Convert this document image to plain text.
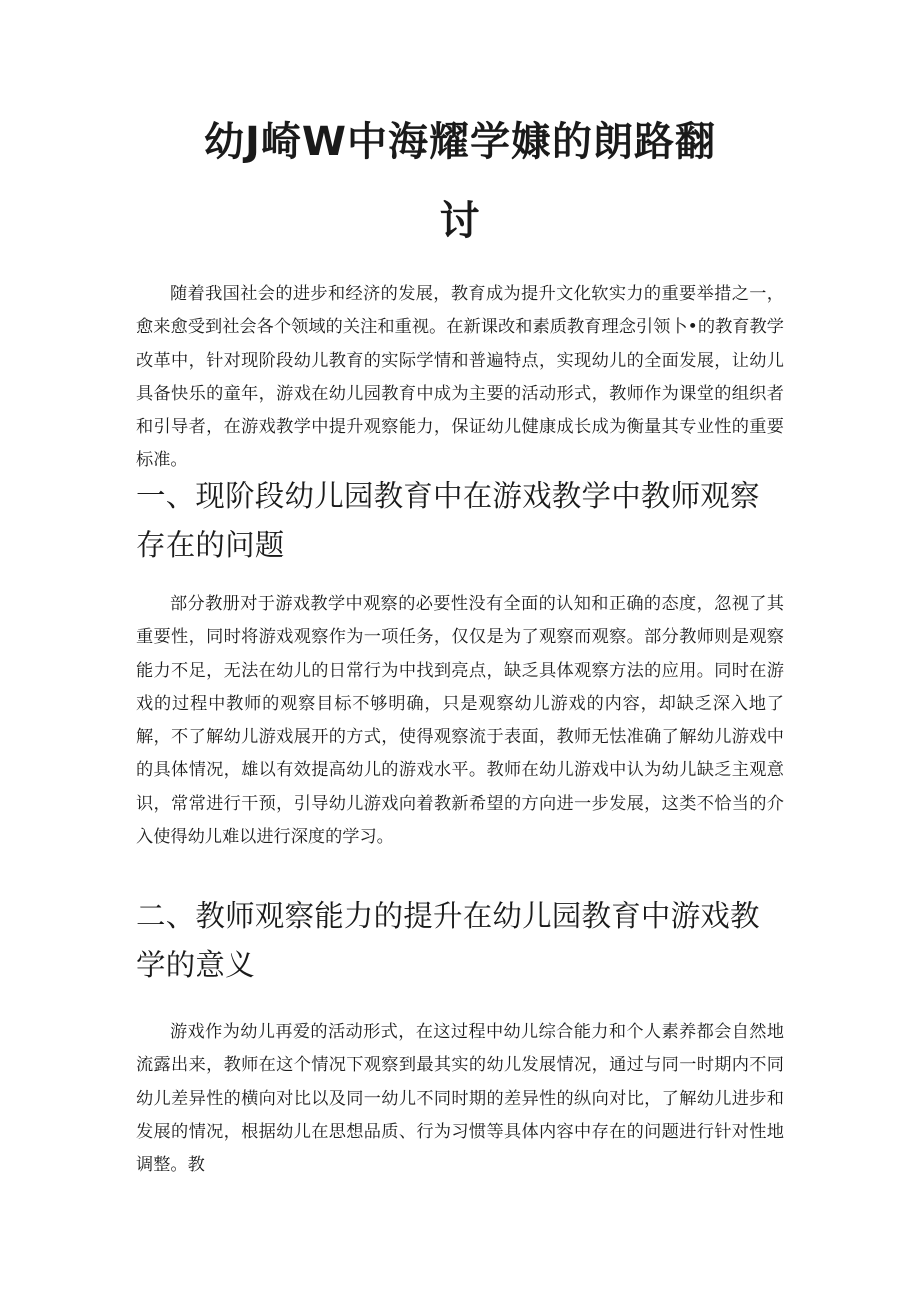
幼J崎W中海耀学嫝的朗路翻
讨

随着我国社会的进步和经济的发展，教育成为提升文化软实力的重要举措之一，愈来愈受到社会各个领域的关注和重视。在新课改和素质教育理念引领卜•的教育教学改革中，针对现阶段幼儿教育的实际学情和普遍特点，实现幼儿的全面发展，让幼儿具备快乐的童年，游戏在幼儿园教育中成为主要的活动形式，教师作为课堂的组织者和引导者，在游戏教学中提升观察能力，保证幼儿健康成长成为衡量其专业性的重要标准。

一、现阶段幼儿园教育中在游戏教学中教师观察存在的问题

部分教册对于游戏教学中观察的必要性没有全面的认知和正确的态度，忽视了其重要性，同时将游戏观察作为一项任务，仅仅是为了观察而观察。部分教师则是观察能力不足，无法在幼儿的日常行为中找到亮点，缺乏具体观察方法的应用。同时在游戏的过程中教师的观察目标不够明确，只是观察幼儿游戏的内容，却缺乏深入地了解，不了解幼儿游戏展开的方式，使得观察流于表面，教师无怯准确了解幼儿游戏中的具体情况，雄以有效提高幼儿的游戏水平。教师在幼儿游戏中认为幼儿缺乏主观意识，常常进行干预，引导幼儿游戏向着教新希望的方向进一步发展，这类不恰当的介入使得幼儿难以进行深度的学习。

二、教师观察能力的提升在幼儿园教育中游戏教学的意义

游戏作为幼儿再爱的活动形式，在这过程中幼儿综合能力和个人素养都会自然地流露出来，教师在这个情况下观察到最其实的幼儿发展情况，通过与同一时期内不同幼儿差异性的横向对比以及同一幼儿不同时期的差异性的纵向对比，了解幼儿进步和发展的情况，根据幼儿在思想品质、行为习惯等具体内容中存在的问题进行针对性地调整。教
